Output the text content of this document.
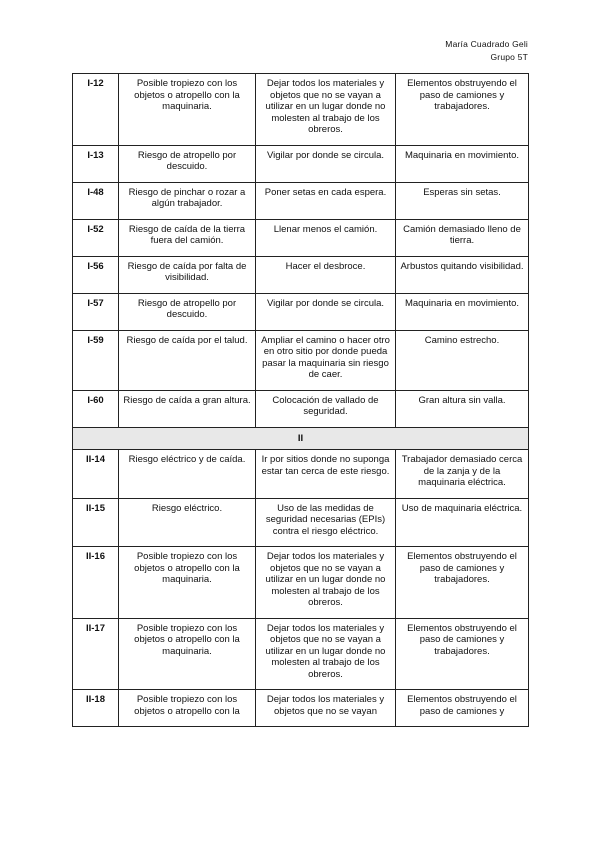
María Cuadrado Geli
Grupo 5T
I-12	Posible tropiezo con los objetos o atropello con la maquinaria.	Dejar todos los materiales y objetos que no se vayan a utilizar en un lugar donde no molesten al trabajo de los obreros.	Elementos obstruyendo el paso de camiones y trabajadores.
I-13	Riesgo de atropello por descuido.	Vigilar por donde se circula.	Maquinaria en movimiento.
I-48	Riesgo de pinchar o rozar a algún trabajador.	Poner setas en cada espera.	Esperas sin setas.
I-52	Riesgo de caída de la tierra fuera del camión.	Llenar menos el camión.	Camión demasiado lleno de tierra.
I-56	Riesgo de caída por falta de visibilidad.	Hacer el desbroce.	Arbustos quitando visibilidad.
I-57	Riesgo de atropello por descuido.	Vigilar por donde se circula.	Maquinaria en movimiento.
I-59	Riesgo de caída por el talud.	Ampliar el camino o hacer otro en otro sitio por donde pueda pasar la maquinaria sin riesgo de caer.	Camino estrecho.
I-60	Riesgo de caída a gran altura.	Colocación de vallado de seguridad.	Gran altura sin valla.
II			
II-14	Riesgo eléctrico y de caída.	Ir por sitios donde no suponga estar tan cerca de este riesgo.	Trabajador demasiado cerca de la zanja y de la maquinaria eléctrica.
II-15	Riesgo eléctrico.	Uso de las medidas de seguridad necesarias (EPIs) contra el riesgo eléctrico.	Uso de maquinaria eléctrica.
II-16	Posible tropiezo con los objetos o atropello con la maquinaria.	Dejar todos los materiales y objetos que no se vayan a utilizar en un lugar donde no molesten al trabajo de los obreros.	Elementos obstruyendo el paso de camiones y trabajadores.
II-17	Posible tropiezo con los objetos o atropello con la maquinaria.	Dejar todos los materiales y objetos que no se vayan a utilizar en un lugar donde no molesten al trabajo de los obreros.	Elementos obstruyendo el paso de camiones y trabajadores.
II-18	Posible tropiezo con los objetos o atropello con la	Dejar todos los materiales y objetos que no se vayan	Elementos obstruyendo el paso de camiones y
